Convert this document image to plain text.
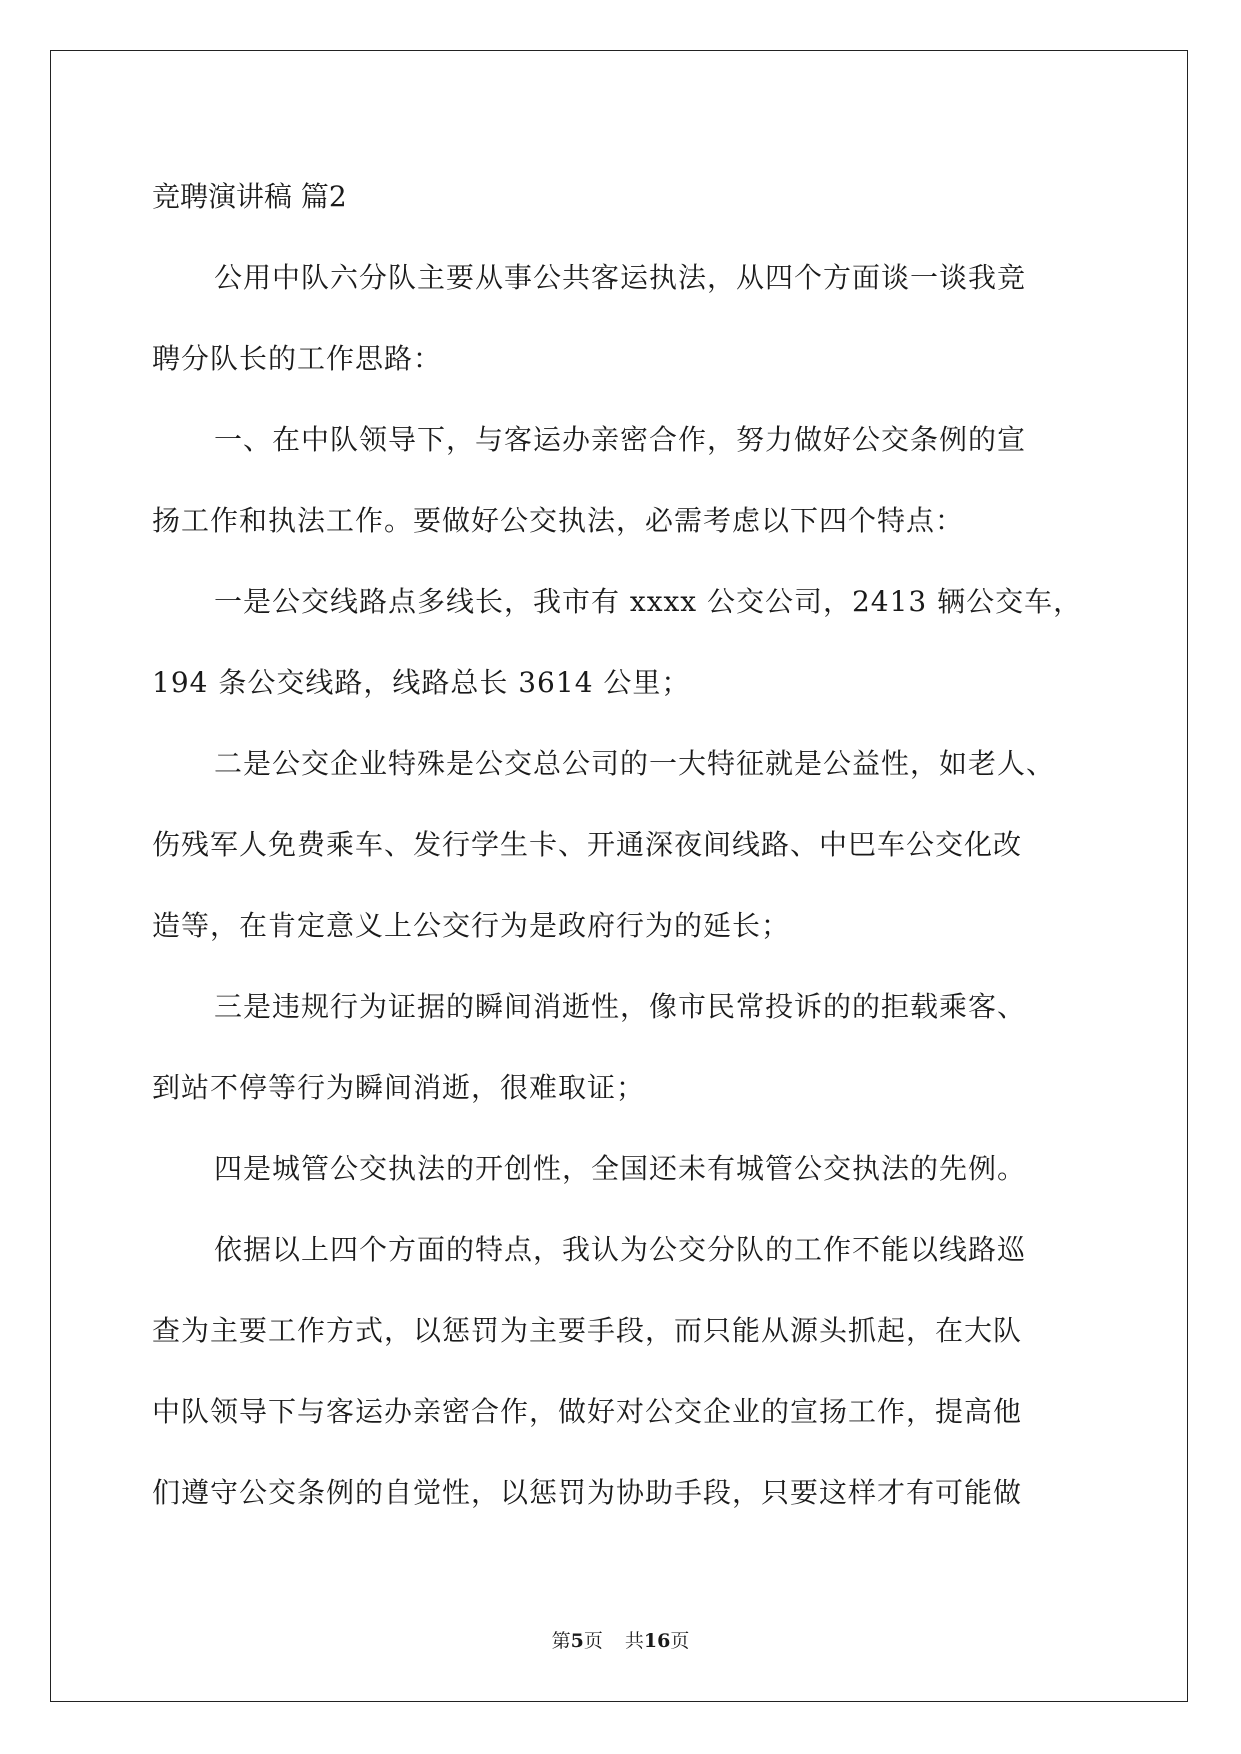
竞聘演讲稿 篇2
公用中队六分队主要从事公共客运执法，从四个方面谈一谈我竞
聘分队长的工作思路：
一、在中队领导下，与客运办亲密合作，努力做好公交条例的宣
扬工作和执法工作。要做好公交执法，必需考虑以下四个特点：
一是公交线路点多线长，我市有 xxxx 公交公司，2413 辆公交车，
194 条公交线路，线路总长 3614 公里；
二是公交企业特殊是公交总公司的一大特征就是公益性，如老人、
伤残军人免费乘车、发行学生卡、开通深夜间线路、中巴车公交化改
造等，在肯定意义上公交行为是政府行为的延长；
三是违规行为证据的瞬间消逝性，像市民常投诉的的拒载乘客、
到站不停等行为瞬间消逝，很难取证；
四是城管公交执法的开创性，全国还未有城管公交执法的先例。
依据以上四个方面的特点，我认为公交分队的工作不能以线路巡
查为主要工作方式，以惩罚为主要手段，而只能从源头抓起，在大队
中队领导下与客运办亲密合作，做好对公交企业的宣扬工作，提高他
们遵守公交条例的自觉性，以惩罚为协助手段，只要这样才有可能做
第5页 共16页
